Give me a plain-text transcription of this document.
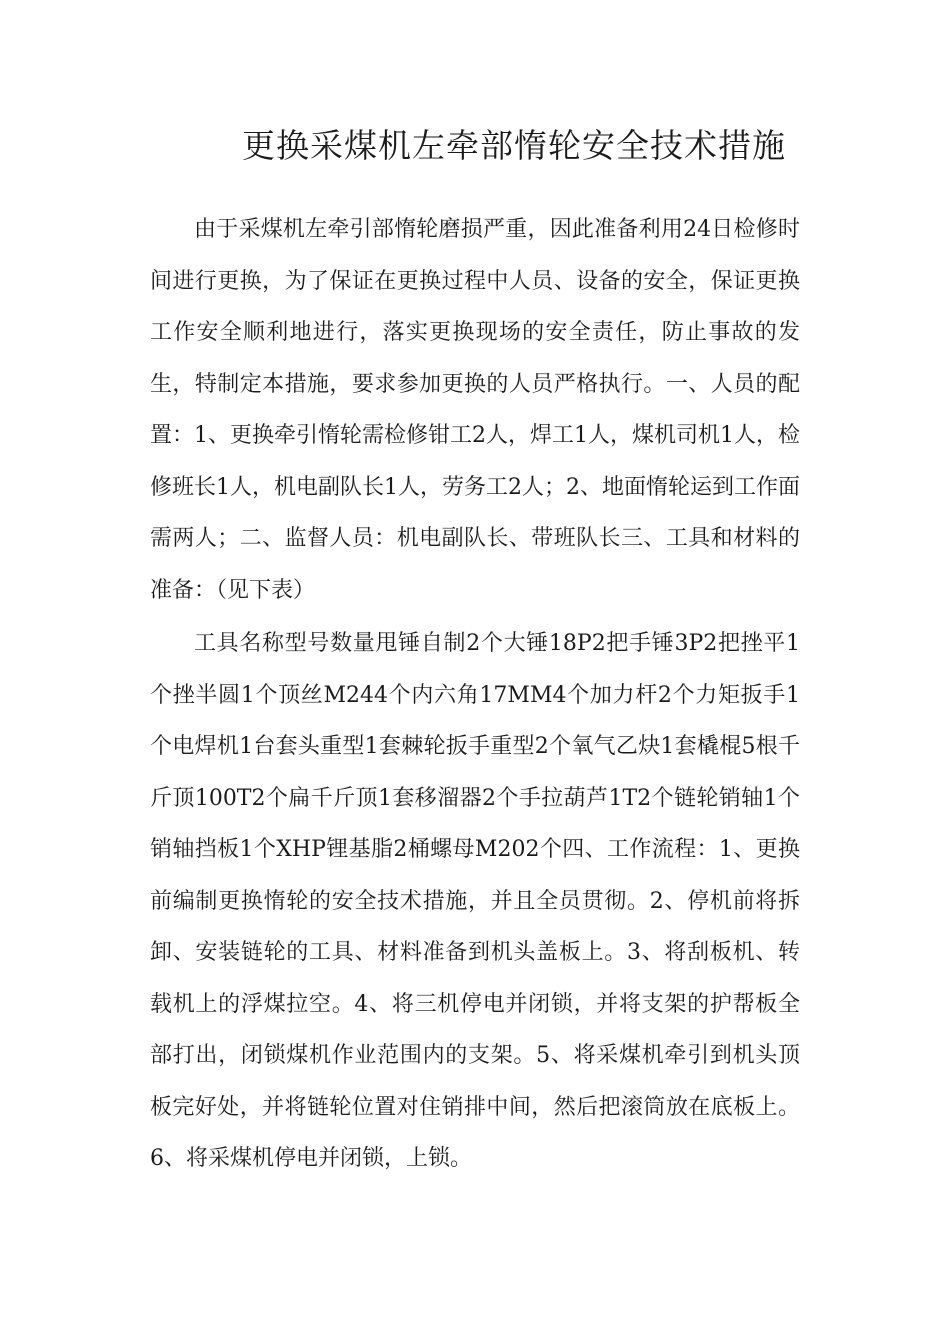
更换采煤机左牵部惰轮安全技术措施

由于采煤机左牵引部惰轮磨损严重，因此准备利用24日检修时间进行更换，为了保证在更换过程中人员、设备的安全，保证更换工作安全顺利地进行，落实更换现场的安全责任，防止事故的发生，特制定本措施，要求参加更换的人员严格执行。一、人员的配置：1、更换牵引惰轮需检修钳工2人，焊工1人，煤机司机1人，检修班长1人，机电副队长1人，劳务工2人；2、地面惰轮运到工作面需两人；二、监督人员：机电副队长、带班队长三、工具和材料的准备：（见下表）

工具名称型号数量甩锤自制2个大锤18P2把手锤3P2把挫平1个挫半圆1个顶丝M244个内六角17MM4个加力杆2个力矩扳手1个电焊机1台套头重型1套棘轮扳手重型2个氧气乙炔1套橇棍5根千斤顶100T2个扁千斤顶1套移溜器2个手拉葫芦1T2个链轮销轴1个销轴挡板1个XHP锂基脂2桶螺母M202个四、工作流程：1、更换前编制更换惰轮的安全技术措施，并且全员贯彻。2、停机前将拆卸、安装链轮的工具、材料准备到机头盖板上。3、将刮板机、转载机上的浮煤拉空。4、将三机停电并闭锁，并将支架的护帮板全部打出，闭锁煤机作业范围内的支架。5、将采煤机牵引到机头顶板完好处，并将链轮位置对住销排中间，然后把滚筒放在底板上。6、将采煤机停电并闭锁，上锁。
